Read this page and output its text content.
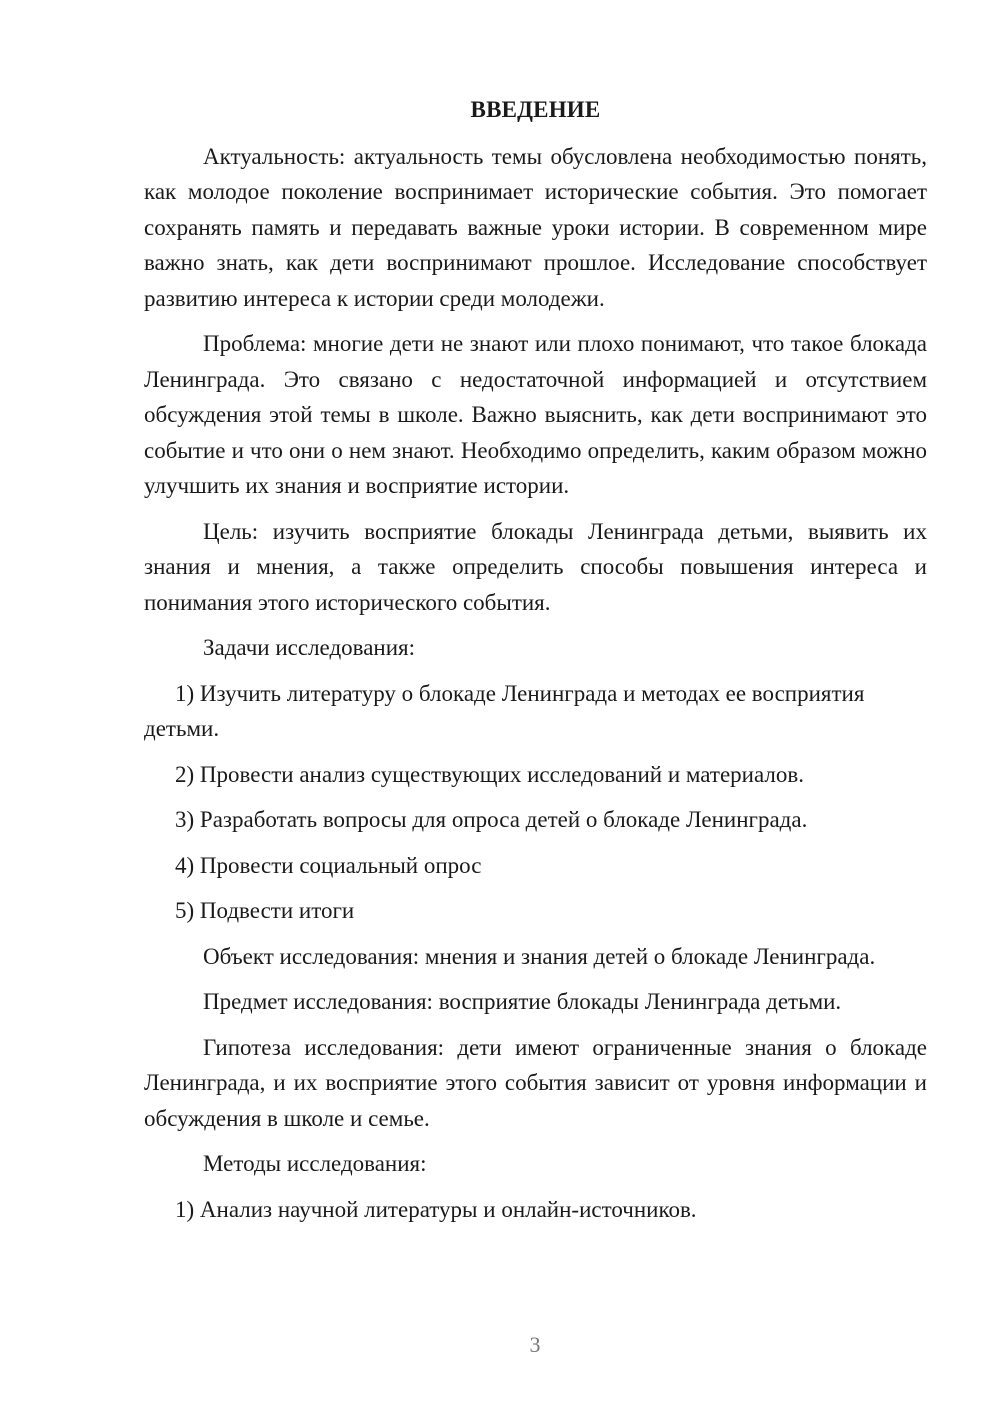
ВВЕДЕНИЕ

Актуальность: актуальность темы обусловлена необходимостью понять, как молодое поколение воспринимает исторические события. Это помогает сохранять память и передавать важные уроки истории. В современном мире важно знать, как дети воспринимают прошлое. Исследование способствует развитию интереса к истории среди молодежи.

Проблема: многие дети не знают или плохо понимают, что такое блокада Ленинграда. Это связано с недостаточной информацией и отсутствием обсуждения этой темы в школе. Важно выяснить, как дети воспринимают это событие и что они о нем знают. Необходимо определить, каким образом можно улучшить их знания и восприятие истории.

Цель: изучить восприятие блокады Ленинграда детьми, выявить их знания и мнения, а также определить способы повышения интереса и понимания этого исторического события.

Задачи исследования:

1) Изучить литературу о блокаде Ленинграда и методах ее восприятия детьми.

2) Провести анализ существующих исследований и материалов.

3) Разработать вопросы для опроса детей о блокаде Ленинграда.

4) Провести социальный опрос

5) Подвести итоги

Объект исследования: мнения и знания детей о блокаде Ленинграда.

Предмет исследования: восприятие блокады Ленинграда детьми.

Гипотеза исследования: дети имеют ограниченные знания о блокаде Ленинграда, и их восприятие этого события зависит от уровня информации и обсуждения в школе и семье.

Методы исследования:

1) Анализ научной литературы и онлайн-источников.

3
